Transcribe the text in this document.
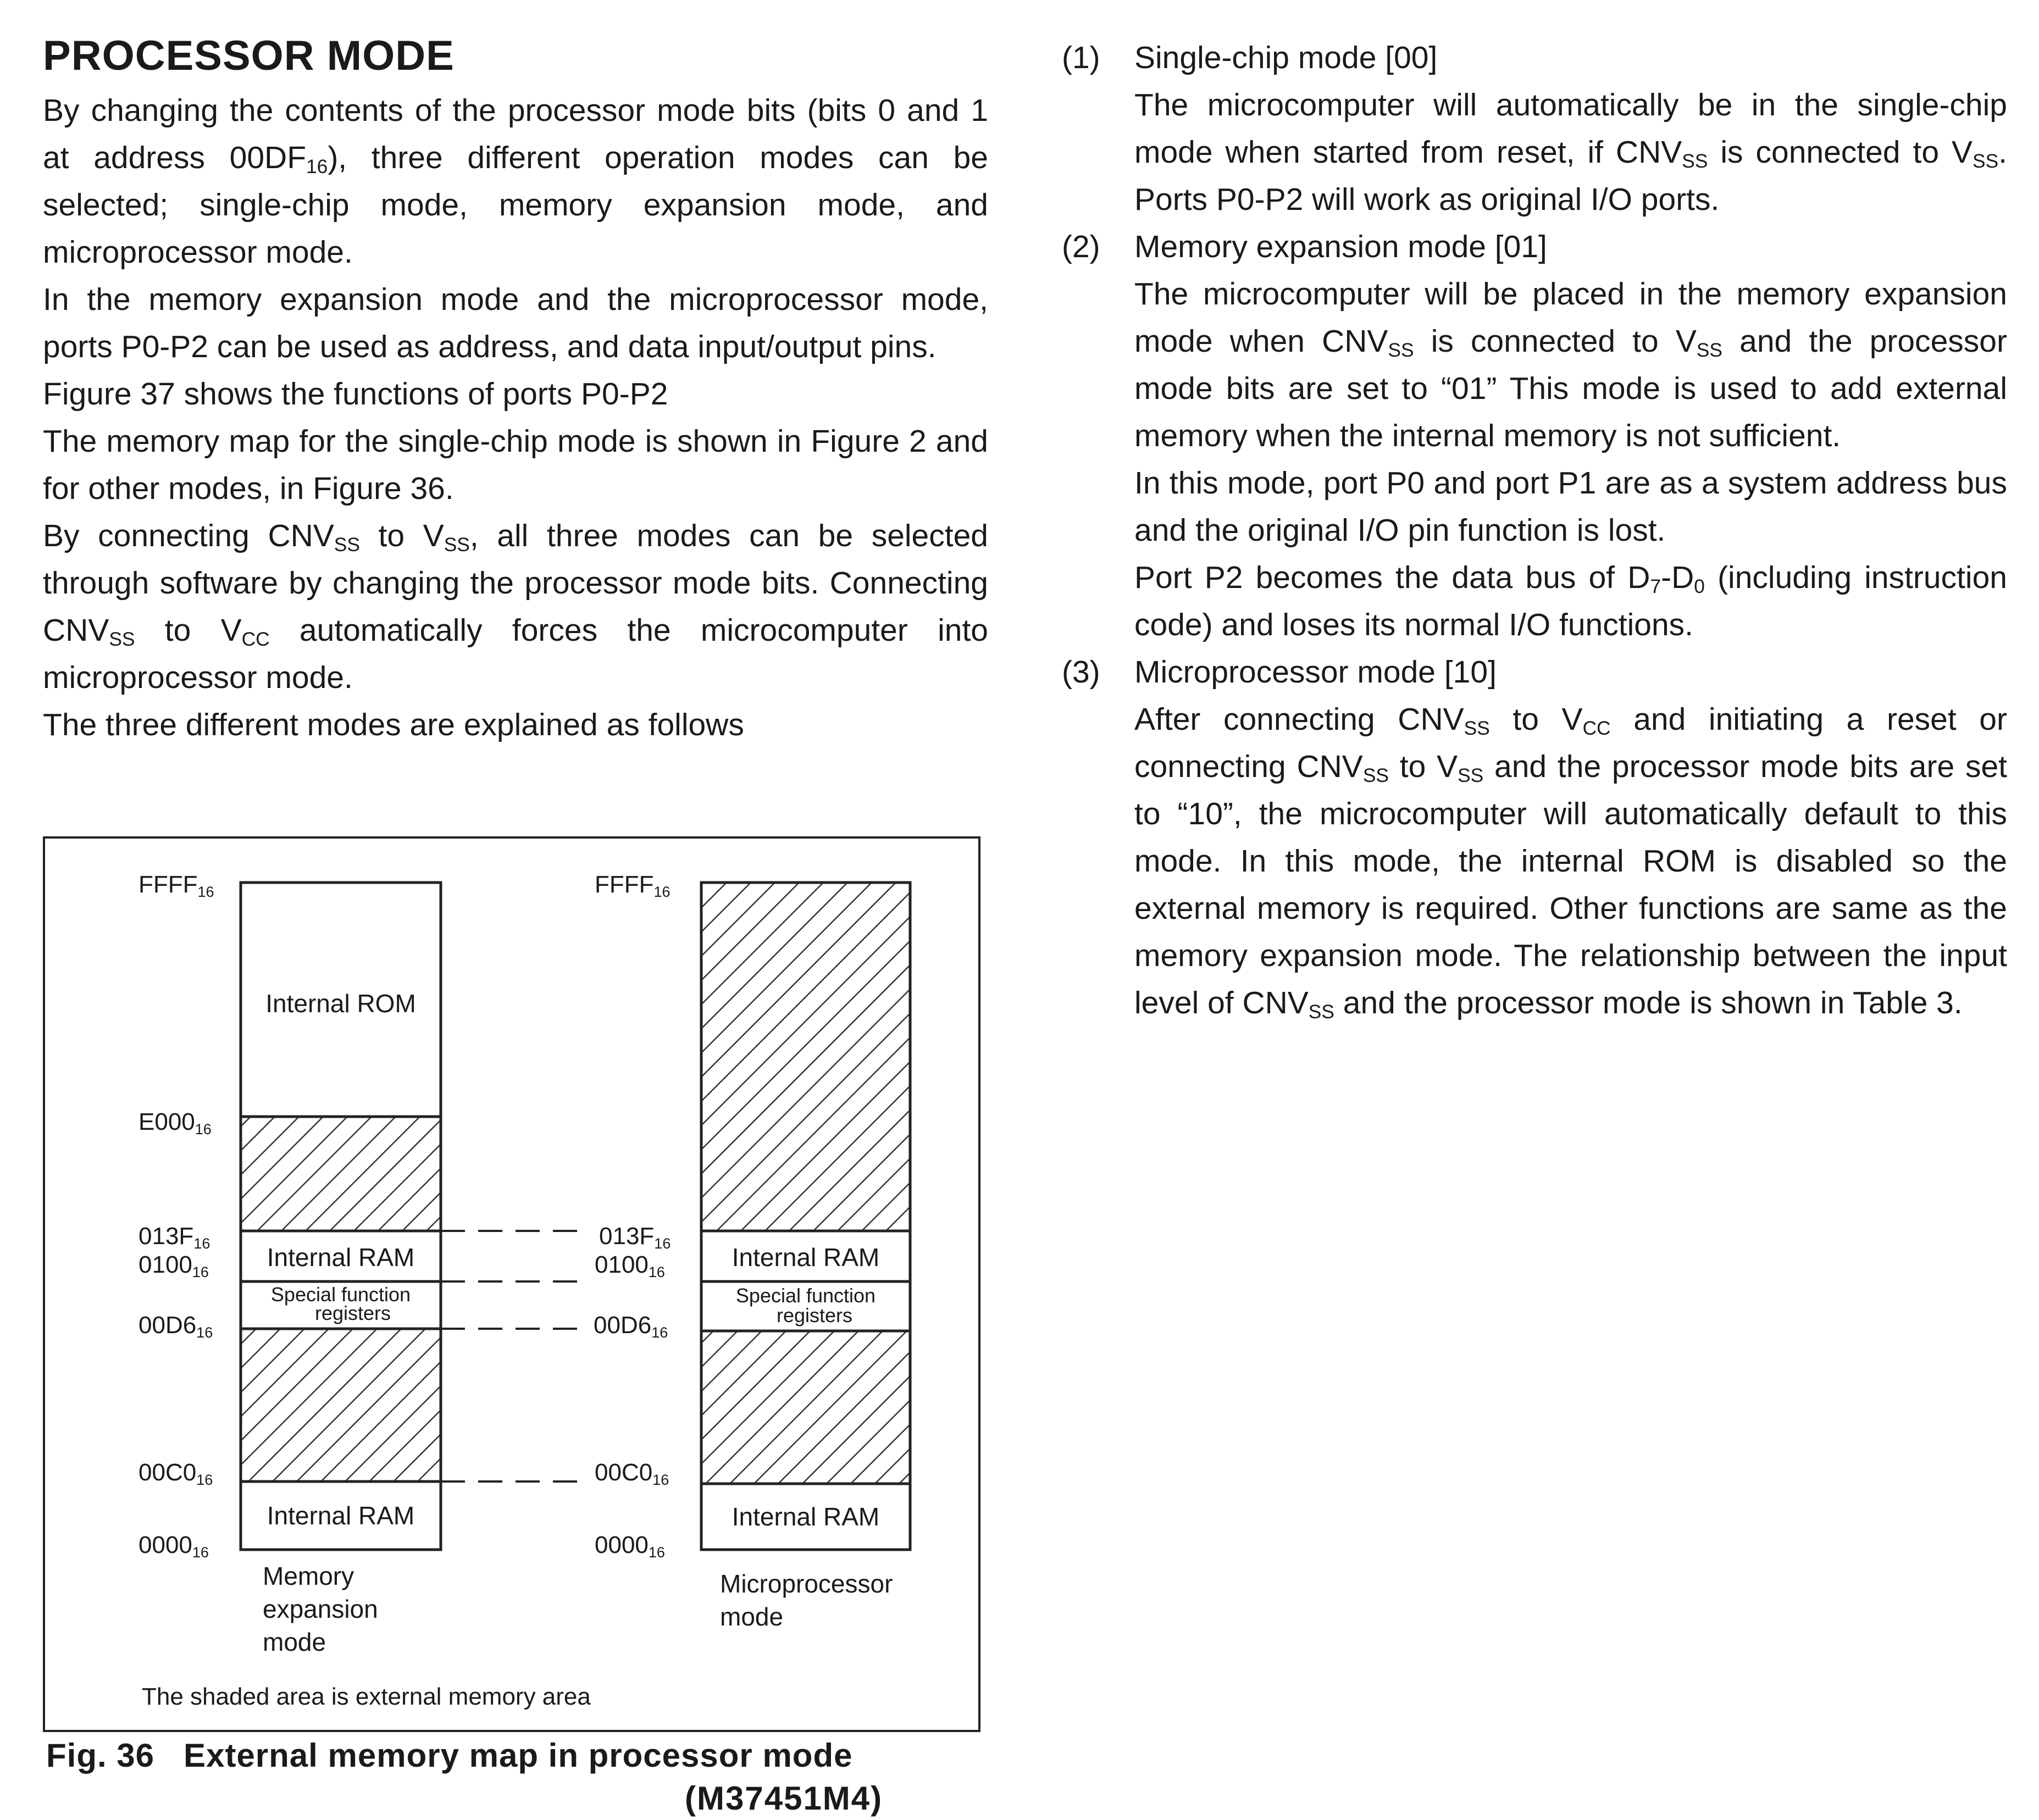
PROCESSOR MODE

By changing the contents of the processor mode bits (bits 0 and 1 at address $00DF_{16}$), three different operation modes can be selected; single-chip mode, memory expansion mode, and microprocessor mode.

In the memory expansion mode and the microprocessor mode, ports P0-P2 can be used as address, and data input/output pins.

Figure 37 shows the functions of ports P0-P2

The memory map for the single-chip mode is shown in Figure 2 and for other modes, in Figure 36.

By connecting $CNV_{SS}$ to $V_{SS}$, all three modes can be selected through software by changing the processor mode bits. Connecting $CNV_{SS}$ to $V_{CC}$ automatically forces the microcomputer into microprocessor mode.

The three different modes are explained as follows

(1) Single-chip mode [00]

The microcomputer will automatically be in the single-chip mode when started from reset, if $CNV_{SS}$ is connected to $V_{SS}$. Ports P0-P2 will work as original I/O ports.

(2) Memory expansion mode [01]

The microcomputer will be placed in the memory expansion mode when $CNV_{SS}$ is connected to $V_{SS}$ and the processor mode bits are set to “01” This mode is used to add external memory when the internal memory is not sufficient.

In this mode, port P0 and port P1 are as a system address bus and the original I/O pin function is lost.

Port P2 becomes the data bus of $D_7-D_0$ (including instruction code) and loses its normal I/O functions.

(3) Microprocessor mode [10]

After connecting $CNV_{SS}$ to $V_{CC}$ and initiating a reset or connecting $CNV_{SS}$ to $V_{SS}$ and the processor mode bits are set to “10”, the microcomputer will automatically default to this mode. In this mode, the internal ROM is disabled so the external memory is required. Other functions are same as the memory expansion mode. The relationship between the input level of $CNV_{SS}$ and the processor mode is shown in Table 3.

FFFF16
E00016
013F16
010016
00D616
00C016
000016
FFFF16
013F16
010016
00D616
00C016
000016
Internal ROM
Internal RAM
Special function
registers
Internal RAM
Internal RAM
Special function
registers
Internal RAM
Memory
expansion
mode
Microprocessor
mode
The shaded area is external memory area
Fig. 36   External memory map in processor mode
(M37451M4)
